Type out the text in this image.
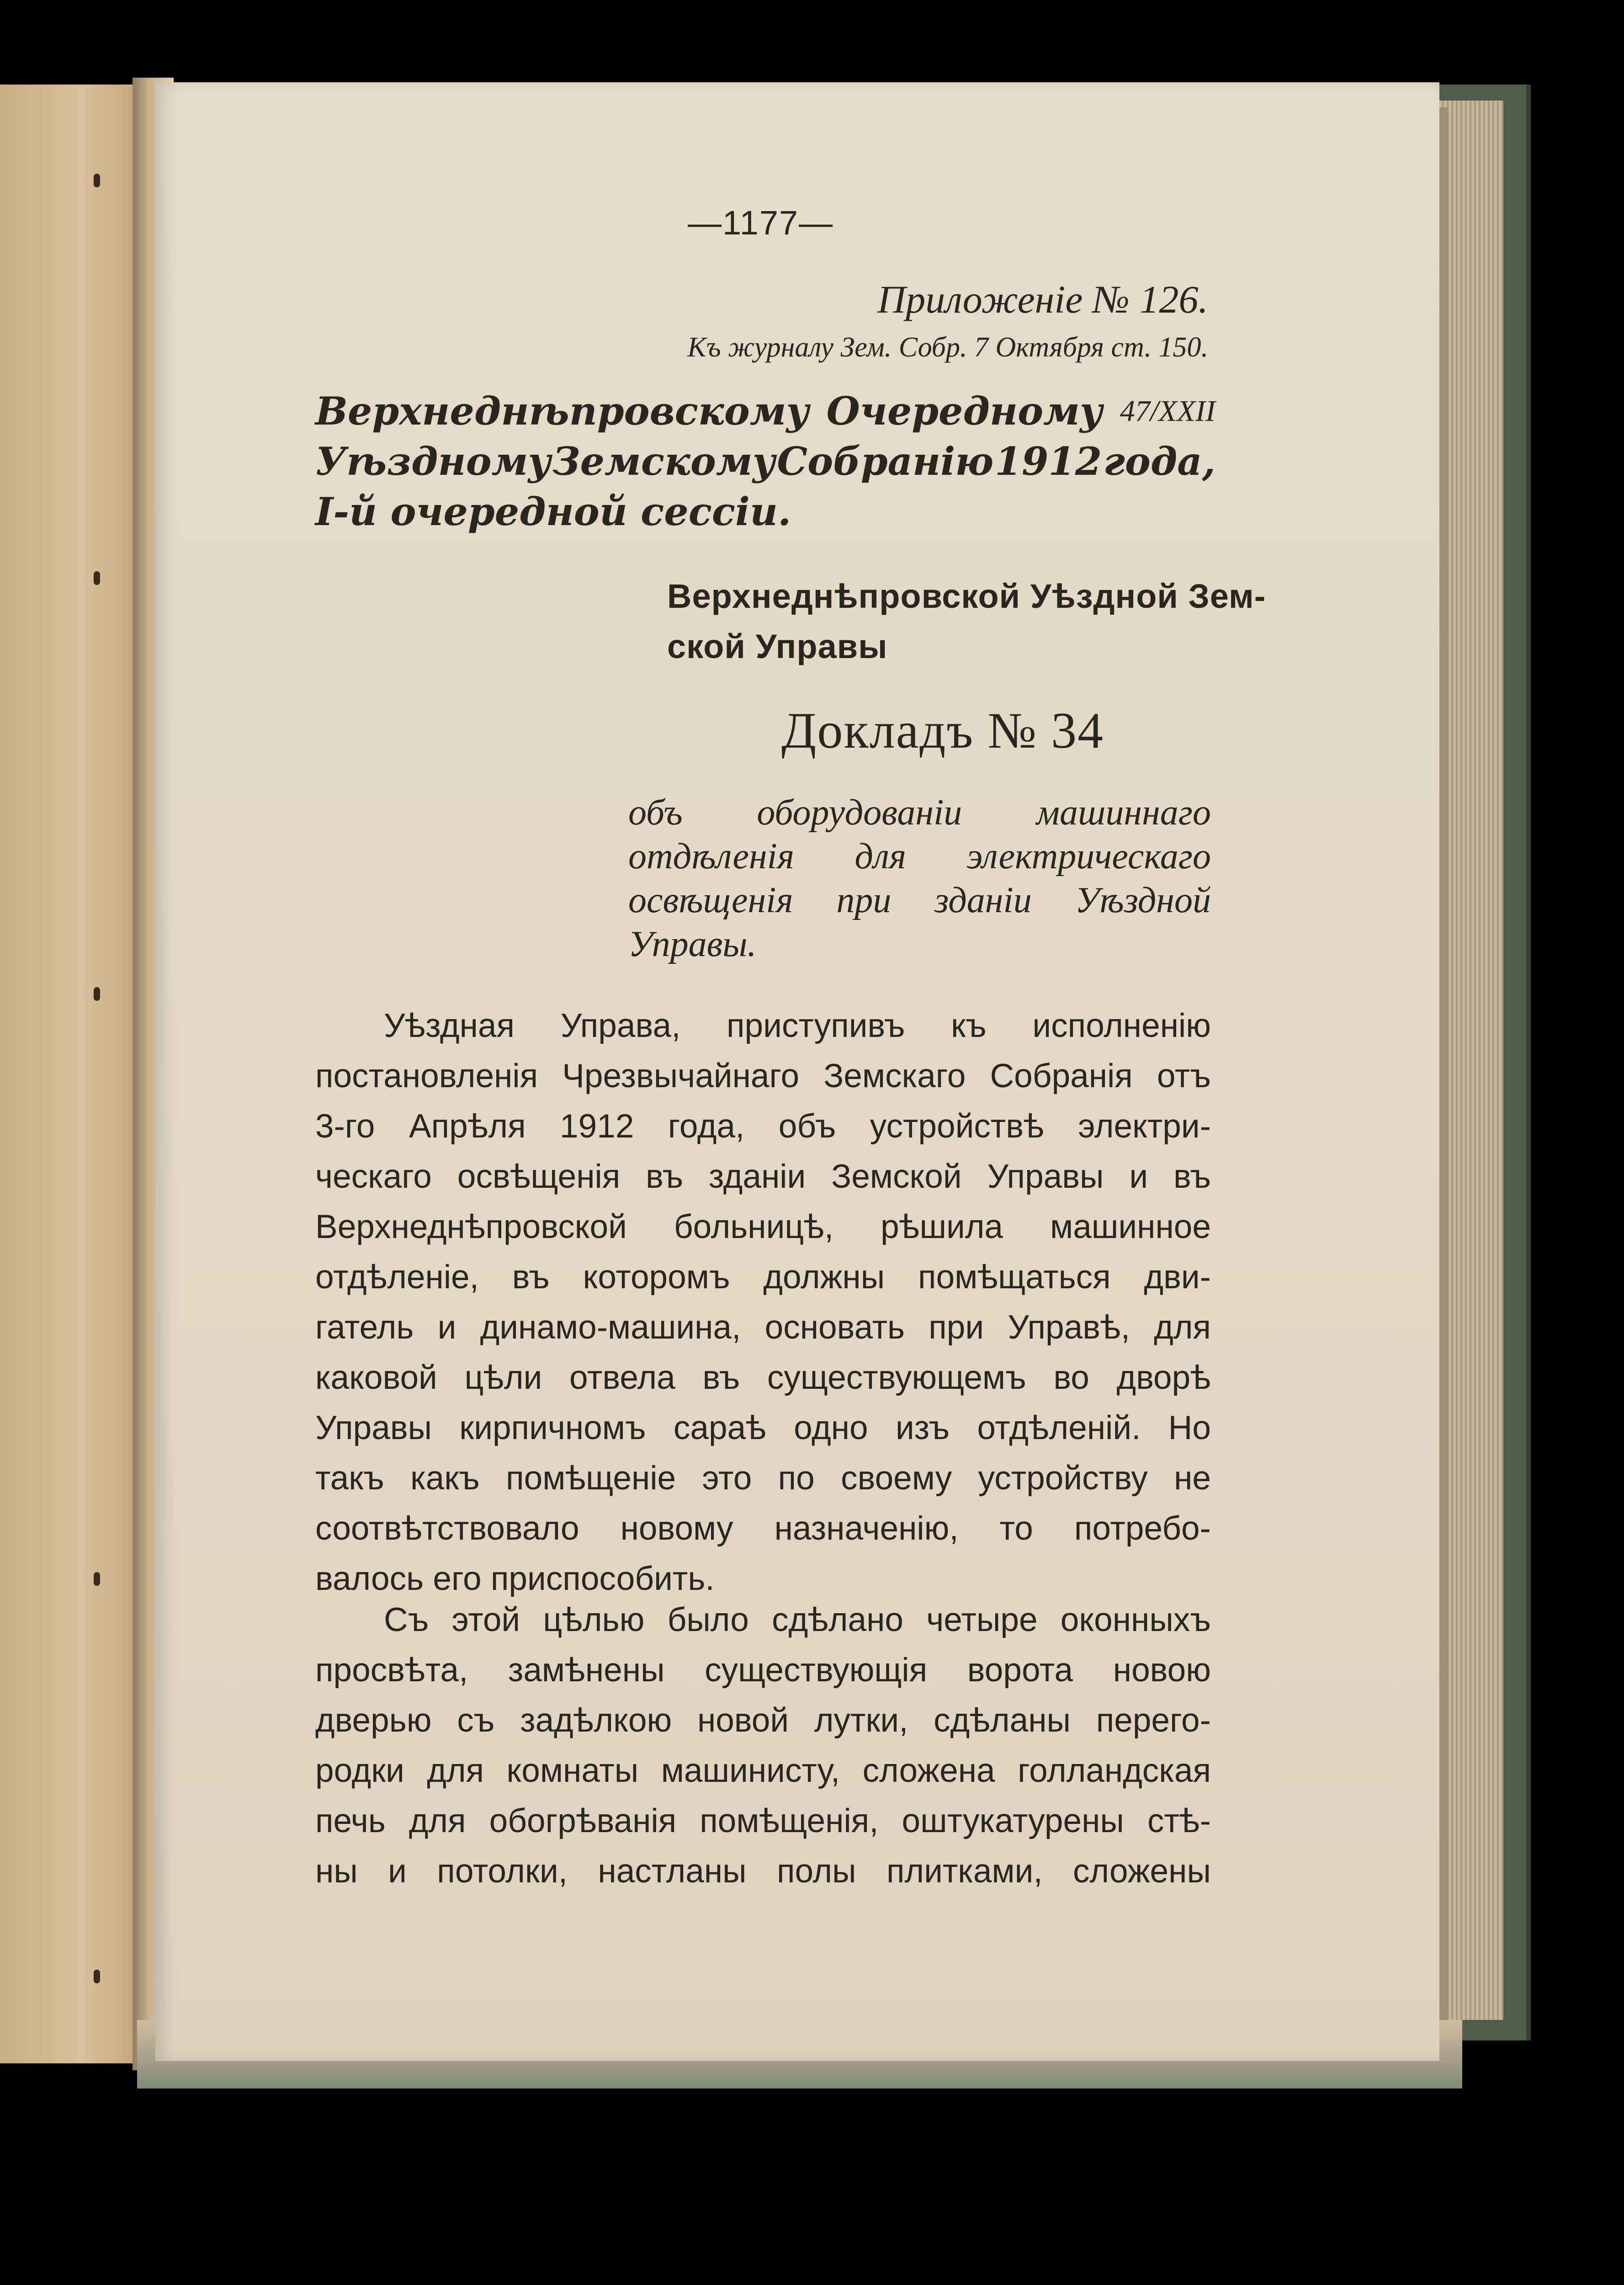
—1177—
Приложеніе № 126.
Къ журналу Зем. Собр. 7 Октября ст. 150.
Верхнеднѣпровскому Очередному 47/XXII
Уѣздному Земскому Собранію 1912 года,
І-й очередной сессіи.
Верхнеднѣпровской Уѣздной Зем-
ской Управы
Докладъ № 34
объ оборудованіи машиннаго
отдѣленія для электрическаго
освѣщенія при зданіи Уѣздной
Управы.
Уѣздная Управа, приступивъ къ исполненію
постановленія Чрезвычайнаго Земскаго Собранія отъ
3-го Апрѣля 1912 года, объ устройствѣ электри-
ческаго освѣщенія въ зданіи Земской Управы и въ
Верхнеднѣпровской больницѣ, рѣшила машинное
отдѣленіе, въ которомъ должны помѣщаться дви-
гатель и динамо-машина, основать при Управѣ, для
каковой цѣли отвела въ существующемъ во дворѣ
Управы кирпичномъ сараѣ одно изъ отдѣленій. Но
такъ какъ помѣщеніе это по своему устройству не
соотвѣтствовало новому назначенію, то потребо-
валось его приспособить.
Съ этой цѣлью было сдѣлано четыре оконныхъ
просвѣта, замѣнены существующія ворота новою
дверью съ задѣлкою новой лутки, сдѣланы перего-
родки для комнаты машинисту, сложена голландская
печь для обогрѣванія помѣщенія, оштукатурены стѣ-
ны и потолки, настланы полы плитками, сложены
